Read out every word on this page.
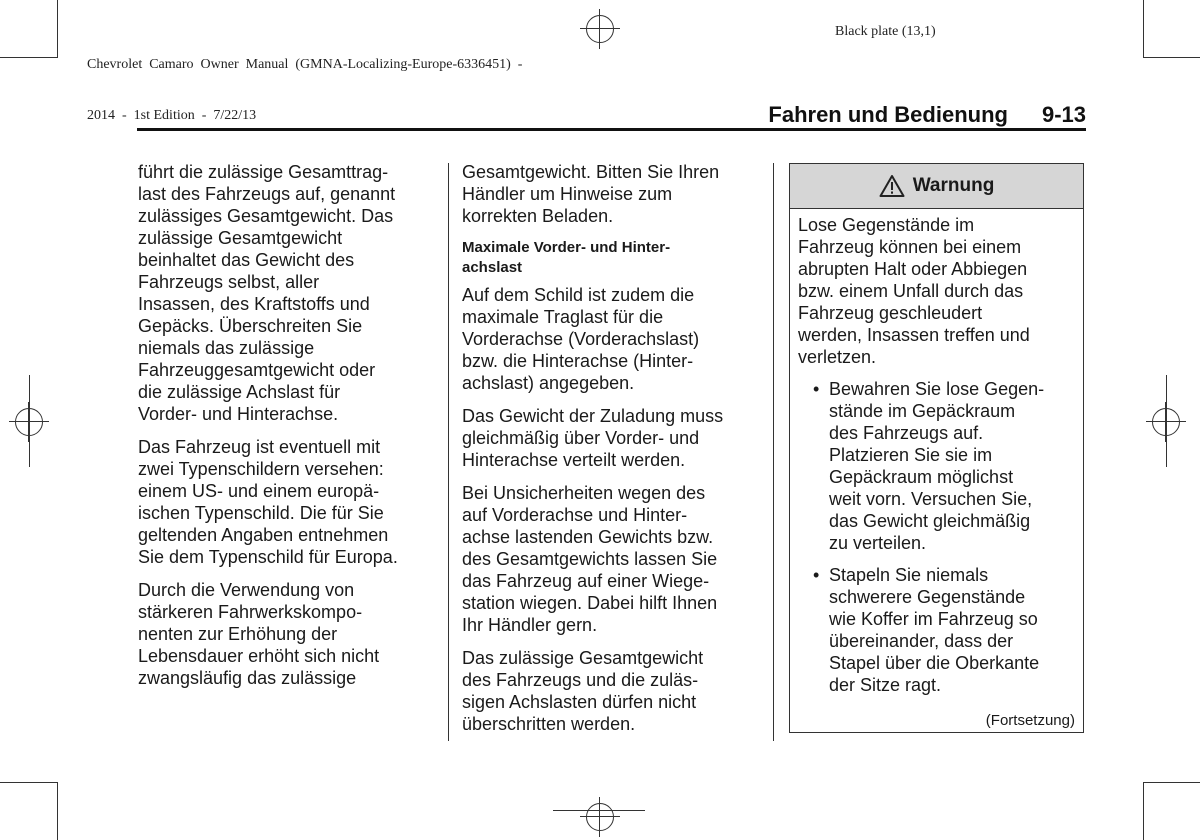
Chevrolet  Camaro  Owner  Manual  (GMNA-Localizing-Europe-6336451)  -

2014  -  1st Edition  -  7/22/13

Black plate (13,1)
Fahren und Bedienung 9-13

führt die zulässige Gesamttrag-
last des Fahrzeugs auf, genannt
zulässiges Gesamtgewicht. Das
zulässige Gesamtgewicht
beinhaltet das Gewicht des
Fahrzeugs selbst, aller
Insassen, des Kraftstoffs und
Gepäcks. Überschreiten Sie
niemals das zulässige
Fahrzeuggesamtgewicht oder
die zulässige Achslast für
Vorder- und Hinterachse.

Das Fahrzeug ist eventuell mit
zwei Typenschildern versehen:
einem US- und einem europä-
ischen Typenschild. Die für Sie
geltenden Angaben entnehmen
Sie dem Typenschild für Europa.

Durch die Verwendung von
stärkeren Fahrwerkskompo-
nenten zur Erhöhung der
Lebensdauer erhöht sich nicht
zwangsläufig das zulässige

Gesamtgewicht. Bitten Sie Ihren
Händler um Hinweise zum
korrekten Beladen.

Maximale Vorder- und Hinter-
achslast

Auf dem Schild ist zudem die
maximale Traglast für die
Vorderachse (Vorderachslast)
bzw. die Hinterachse (Hinter-
achslast) angegeben.

Das Gewicht der Zuladung muss
gleichmäßig über Vorder- und
Hinterachse verteilt werden.

Bei Unsicherheiten wegen des
auf Vorderachse und Hinter-
achse lastenden Gewichts bzw.
des Gesamtgewichts lassen Sie
das Fahrzeug auf einer Wiege-
station wiegen. Dabei hilft Ihnen
Ihr Händler gern.

Das zulässige Gesamtgewicht
des Fahrzeugs und die zuläs-
sigen Achslasten dürfen nicht
überschritten werden.

Warnung

Lose Gegenstände im
Fahrzeug können bei einem
abrupten Halt oder Abbiegen
bzw. einem Unfall durch das
Fahrzeug geschleudert
werden, Insassen treffen und
verletzen.

• Bewahren Sie lose Gegen-
stände im Gepäckraum
des Fahrzeugs auf.
Platzieren Sie sie im
Gepäckraum möglichst
weit vorn. Versuchen Sie,
das Gewicht gleichmäßig
zu verteilen.
• Stapeln Sie niemals
schwerere Gegenstände
wie Koffer im Fahrzeug so
übereinander, dass der
Stapel über die Oberkante
der Sitze ragt.
(Fortsetzung)
